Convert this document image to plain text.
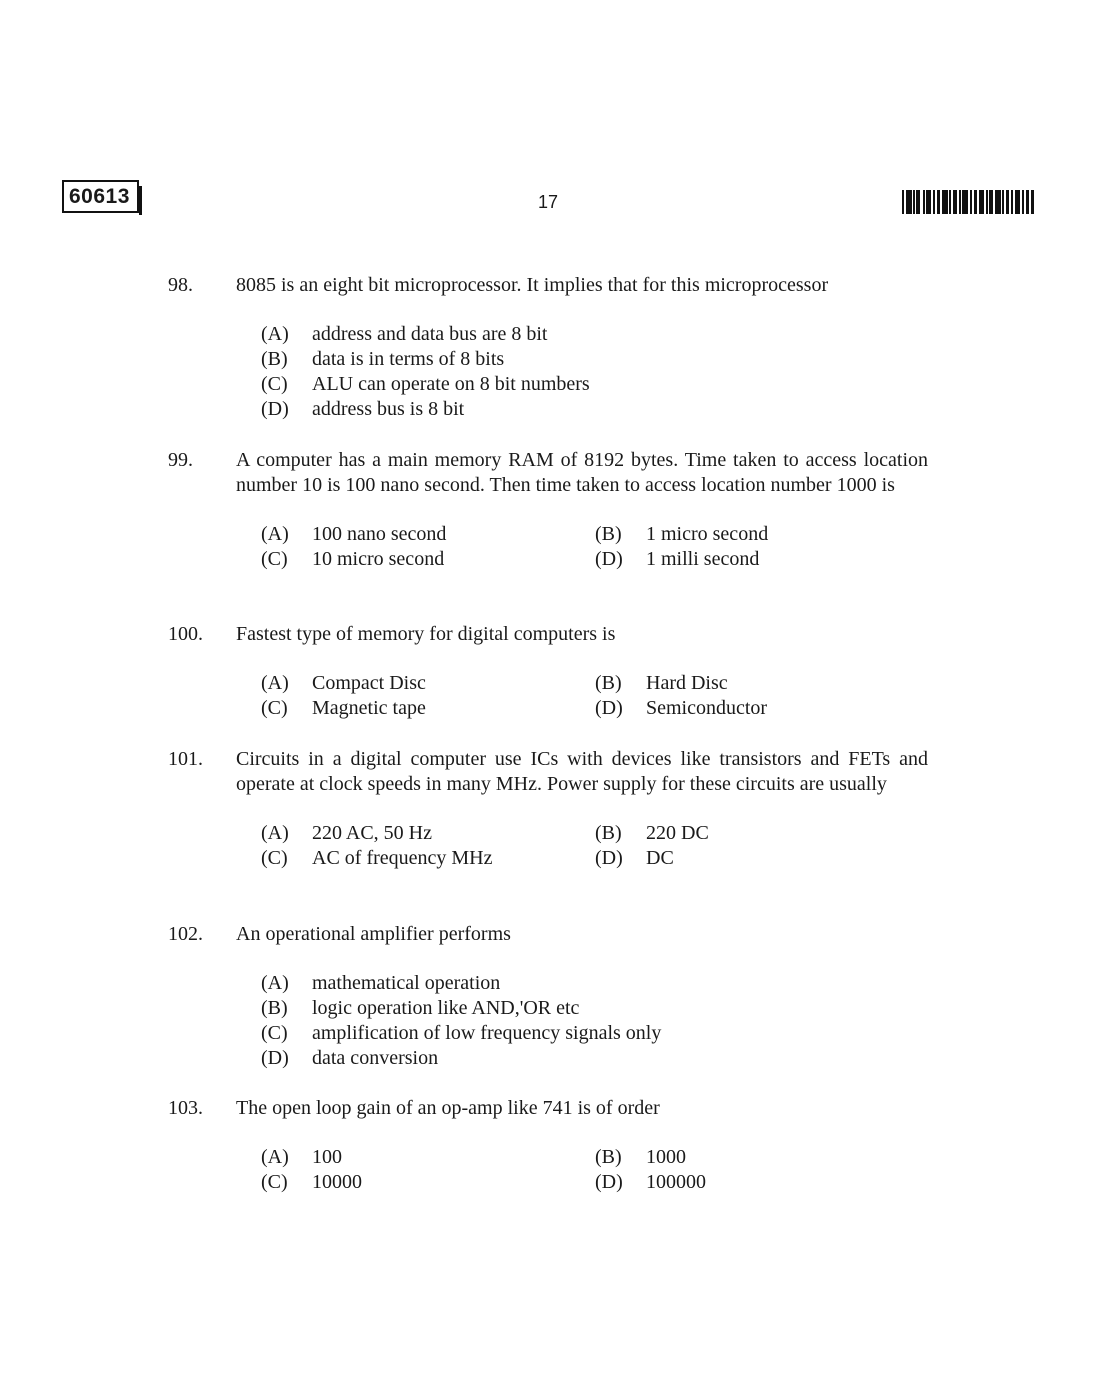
60613	17
98.	8085 is an eight bit microprocessor. It implies that for this microprocessor
(A)	address and data bus are 8 bit
(B)	data is in terms of 8 bits
(C)	ALU can operate on 8 bit numbers
(D)	address bus is 8 bit
99.	A computer has a main memory RAM of 8192 bytes. Time taken to access location number 10 is 100 nano second. Then time taken to access location number 1000 is
(A)	100 nano second	(B)	1 micro second
(C)	10 micro second	(D)	1 milli second
100.	Fastest type of memory for digital computers is
(A)	Compact Disc	(B)	Hard Disc
(C)	Magnetic tape	(D)	Semiconductor
101.	Circuits in a digital computer use ICs with devices like transistors and FETs and operate at clock speeds in many MHz. Power supply for these circuits are usually
(A)	220 AC, 50 Hz	(B)	220 DC
(C)	AC of frequency MHz	(D)	DC
102.	An operational amplifier performs
(A)	mathematical operation
(B)	logic operation like AND,'OR etc
(C)	amplification of low frequency signals only
(D)	data conversion
103.	The open loop gain of an op-amp like 741 is of order
(A)	100	(B)	1000
(C)	10000	(D)	100000
